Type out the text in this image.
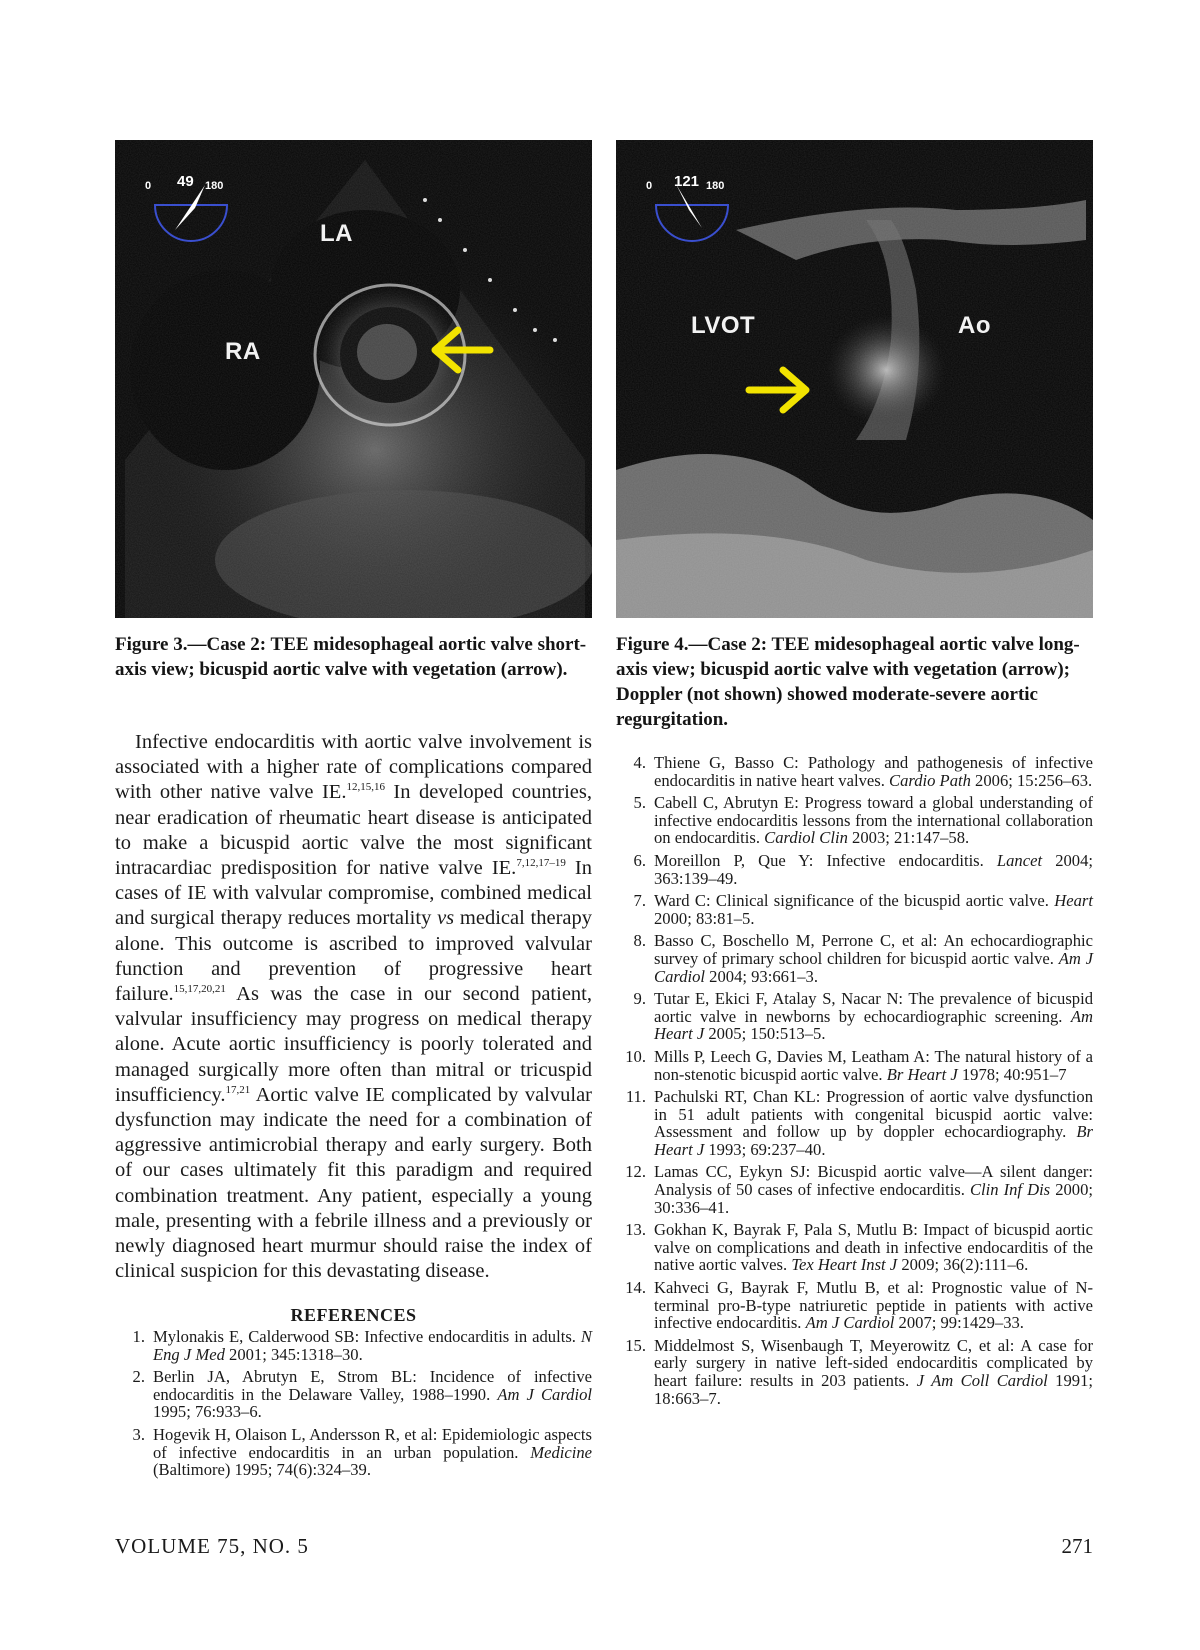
0 49 180
LA
RA
Figure 3.—Case 2: TEE midesophageal aortic valve short-axis view; bicuspid aortic valve with vegetation (arrow).

Infective endocarditis with aortic valve involvement is associated with a higher rate of complications compared with other native valve IE.$^{12,15,16}$ In developed countries, near eradication of rheumatic heart disease is anticipated to make a bicuspid aortic valve the most significant intracardiac predisposition for native valve IE.$^{7,12,17-19}$ In cases of IE with valvular compromise, combined medical and surgical therapy reduces mortality vs medical therapy alone. This outcome is ascribed to improved valvular function and prevention of progressive heart failure.$^{15,17,20,21}$ As was the case in our second patient, valvular insufficiency may progress on medical therapy alone. Acute aortic insufficiency is poorly tolerated and managed surgically more often than mitral or tricuspid insufficiency.$^{17,21}$ Aortic valve IE complicated by valvular dysfunction may indicate the need for a combination of aggressive antimicrobial therapy and early surgery. Both of our cases ultimately fit this paradigm and required combination treatment. Any patient, especially a young male, presenting with a febrile illness and a previously or newly diagnosed heart murmur should raise the index of clinical suspicion for this devastating disease.

REFERENCES
1. Mylonakis E, Calderwood SB: Infective endocarditis in adults. N Eng J Med 2001; 345:1318–30.
2. Berlin JA, Abrutyn E, Strom BL: Incidence of infective endocarditis in the Delaware Valley, 1988–1990. Am J Cardiol 1995; 76:933–6.
3. Hogevik H, Olaison L, Andersson R, et al: Epidemiologic aspects of infective endocarditis in an urban population. Medicine (Baltimore) 1995; 74(6):324–39.
0 121 180
LVOT	Ao
Figure 4.—Case 2: TEE midesophageal aortic valve long-axis view; bicuspid aortic valve with vegetation (arrow); Doppler (not shown) showed moderate-severe aortic regurgitation.
4. Thiene G, Basso C: Pathology and pathogenesis of infective endocarditis in native heart valves. Cardio Path 2006; 15:256–63.
5. Cabell C, Abrutyn E: Progress toward a global understanding of infective endocarditis lessons from the international collaboration on endocarditis. Cardiol Clin 2003; 21:147–58.
6. Moreillon P, Que Y: Infective endocarditis. Lancet 2004; 363:139–49.
7. Ward C: Clinical significance of the bicuspid aortic valve. Heart 2000; 83:81–5.
8. Basso C, Boschello M, Perrone C, et al: An echocardiographic survey of primary school children for bicuspid aortic valve. Am J Cardiol 2004; 93:661–3.
9. Tutar E, Ekici F, Atalay S, Nacar N: The prevalence of bicuspid aortic valve in newborns by echocardiographic screening. Am Heart J 2005; 150:513–5.
10. Mills P, Leech G, Davies M, Leatham A: The natural history of a non-stenotic bicuspid aortic valve. Br Heart J 1978; 40:951–7
11. Pachulski RT, Chan KL: Progression of aortic valve dysfunction in 51 adult patients with congenital bicuspid aortic valve: Assessment and follow up by doppler echocardiography. Br Heart J 1993; 69:237–40.
12. Lamas CC, Eykyn SJ: Bicuspid aortic valve—A silent danger: Analysis of 50 cases of infective endocarditis. Clin Inf Dis 2000; 30:336–41.
13. Gokhan K, Bayrak F, Pala S, Mutlu B: Impact of bicuspid aortic valve on complications and death in infective endocarditis of the native aortic valves. Tex Heart Inst J 2009; 36(2):111–6.
14. Kahveci G, Bayrak F, Mutlu B, et al: Prognostic value of N-terminal pro-B-type natriuretic peptide in patients with active infective endocarditis. Am J Cardiol 2007; 99:1429–33.
15. Middelmost S, Wisenbaugh T, Meyerowitz C, et al: A case for early surgery in native left-sided endocarditis complicated by heart failure: results in 203 patients. J Am Coll Cardiol 1991; 18:663–7.
VOLUME 75, NO. 5	271
